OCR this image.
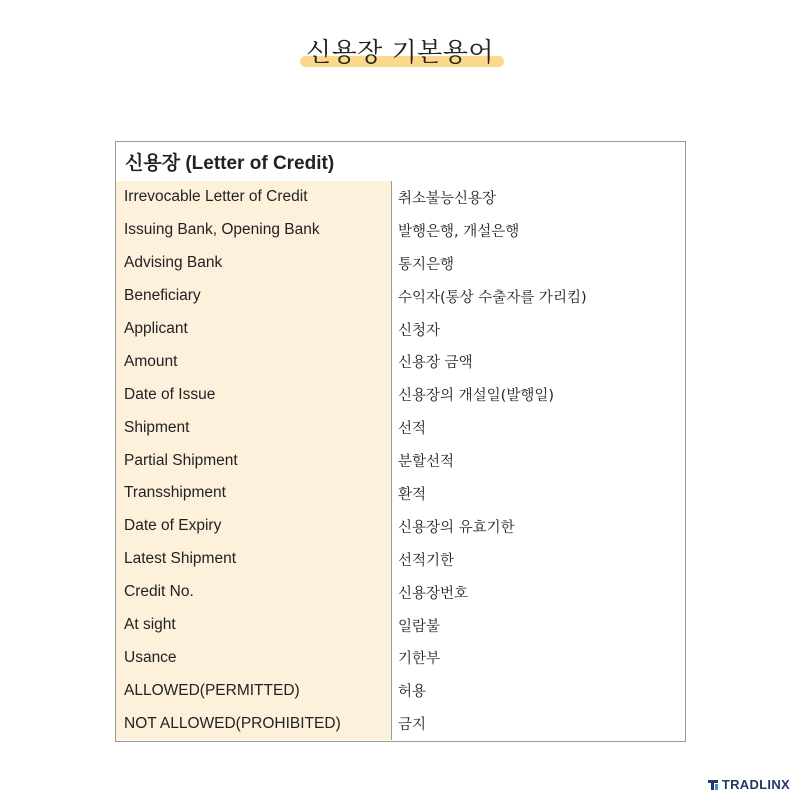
신용장 기본용어
신용장 (Letter of Credit)
Irrevocable Letter of Credit	취소불능신용장
Issuing Bank, Opening Bank	발행은행, 개설은행
Advising Bank	통지은행
Beneficiary	수익자(통상 수출자를 가리킴)
Applicant	신청자
Amount	신용장 금액
Date of Issue	신용장의 개설일(발행일)
Shipment	선적
Partial Shipment	분할선적
Transshipment	환적
Date of Expiry	신용장의 유효기한
Latest Shipment	선적기한
Credit No.	신용장번호
At sight	일람불
Usance	기한부
ALLOWED(PERMITTED)	허용
NOT ALLOWED(PROHIBITED)	금지
TRADLINX
